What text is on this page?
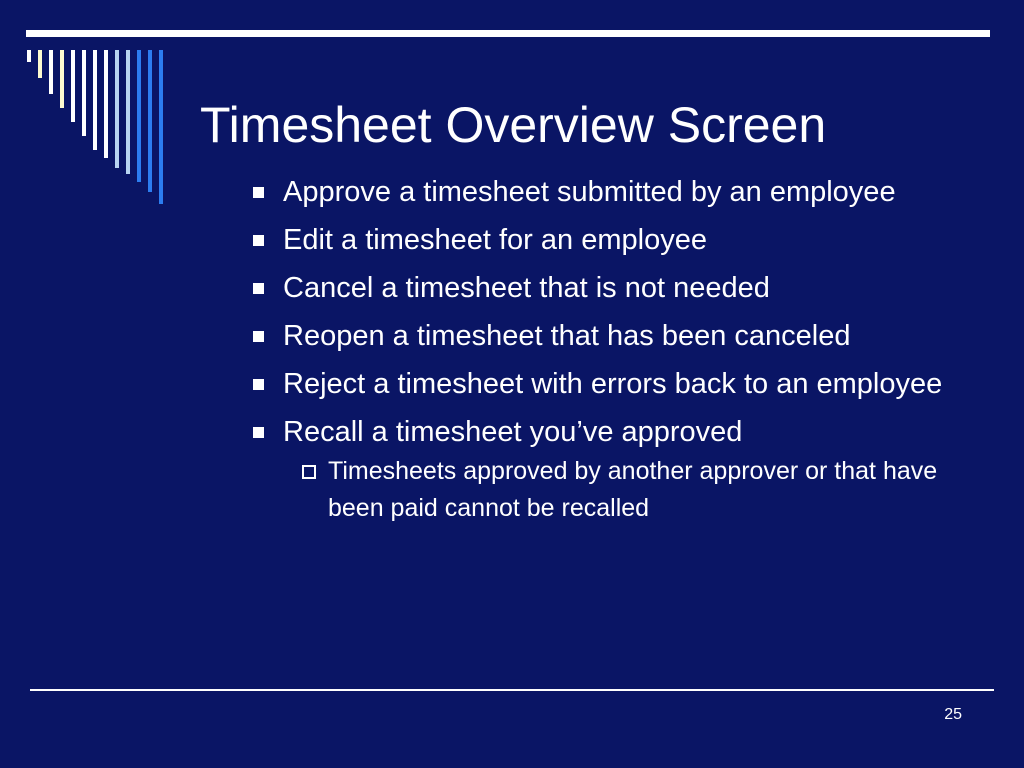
Timesheet Overview Screen
Approve a timesheet submitted by an employee
Edit a timesheet for an employee
Cancel a timesheet that is not needed
Reopen a timesheet that has been canceled
Reject a timesheet with errors back to an employee
Recall a timesheet you’ve approved
Timesheets approved by another approver or that have been paid cannot be recalled
25
